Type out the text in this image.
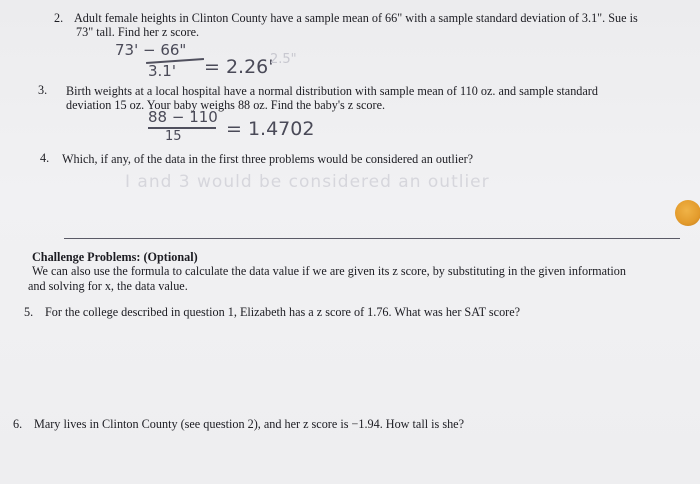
2. Adult female heights in Clinton County have a sample mean of 66" with a sample standard deviation of 3.1". Sue is
73" tall. Find her z score.
73' − 66"
3.1' = 2.26'
2.5"
3. Birth weights at a local hospital have a normal distribution with sample mean of 110 oz. and sample standard
deviation 15 oz. Your baby weighs 88 oz. Find the baby's z score.
88 − 110
15 = 1.4702
4. Which, if any, of the data in the first three problems would be considered an outlier?
I and 3 would be considered an outlier
Challenge Problems: (Optional)
We can also use the formula to calculate the data value if we are given its z score, by substituting in the given information
and solving for x, the data value.
5. For the college described in question 1, Elizabeth has a z score of 1.76. What was her SAT score?
6. Mary lives in Clinton County (see question 2), and her z score is −1.94. How tall is she?
